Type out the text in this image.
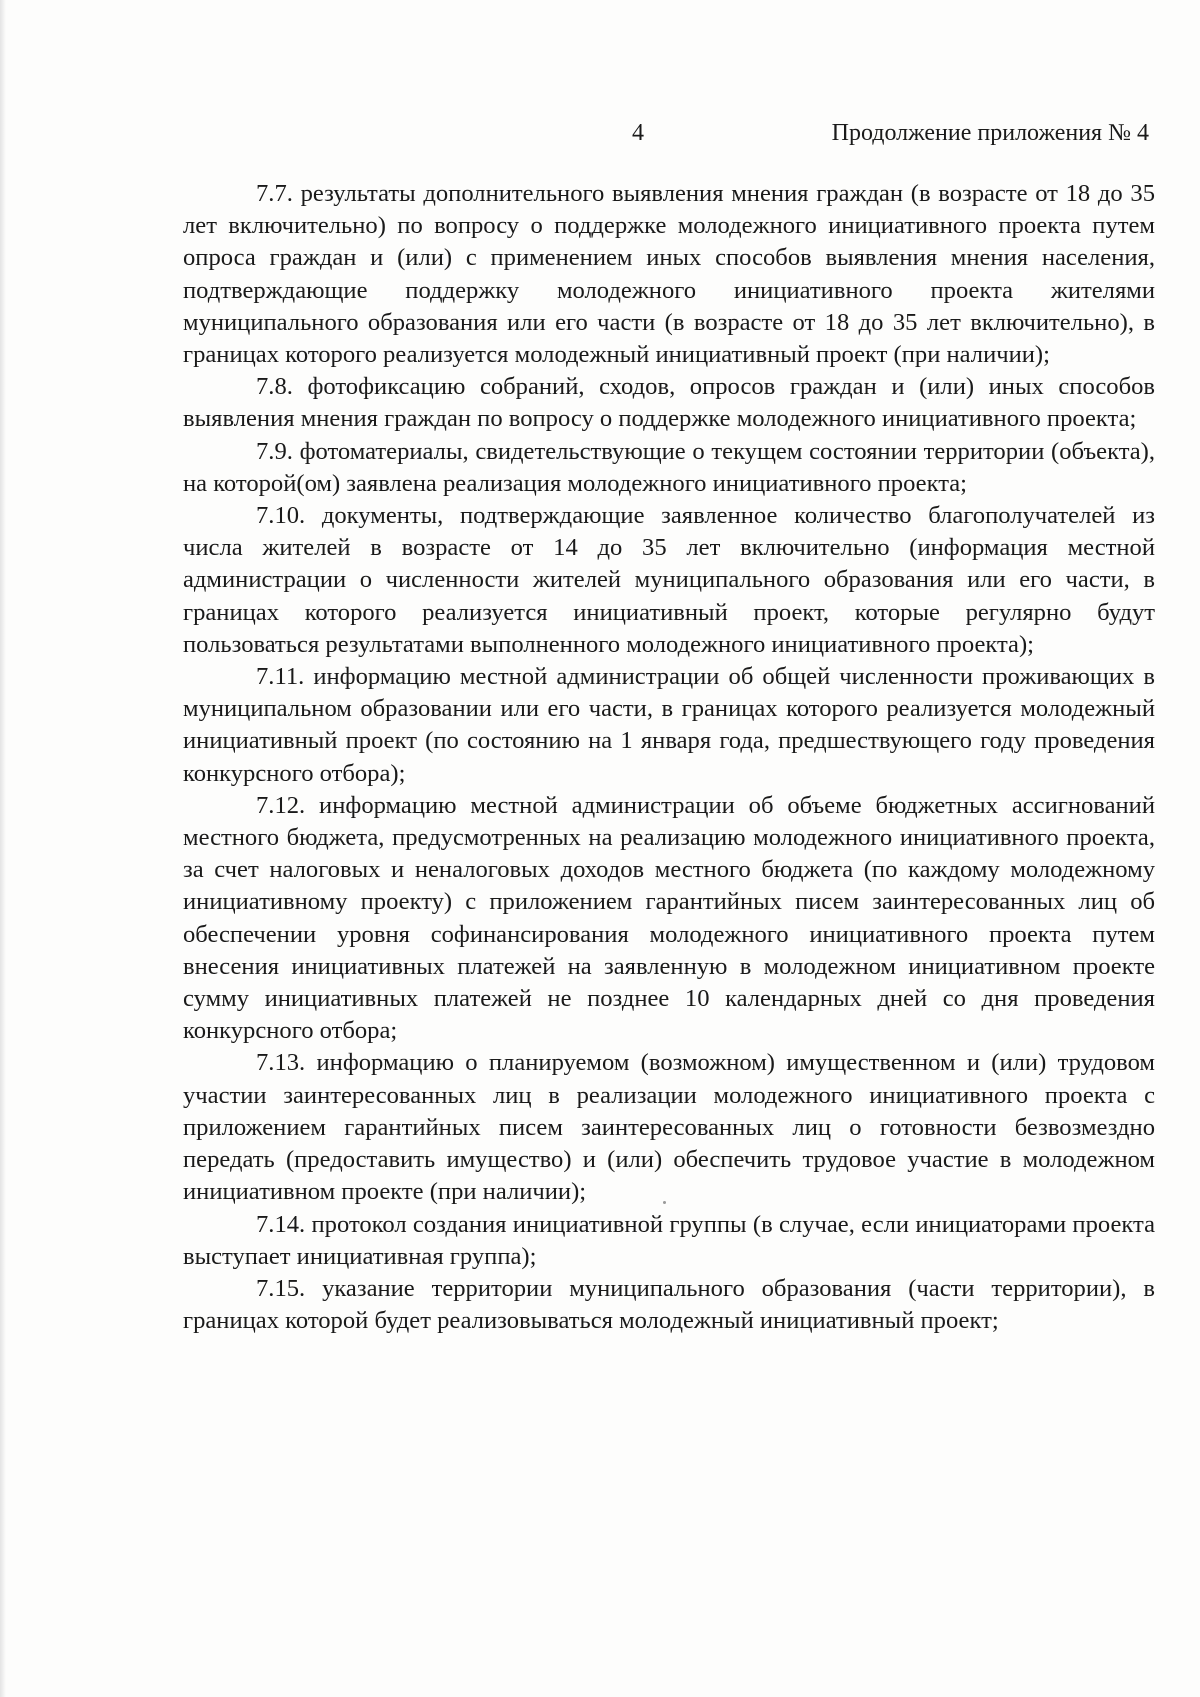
4	Продолжение приложения № 4

7.7. результаты дополнительного выявления мнения граждан (в возрасте от 18 до 35 лет включительно) по вопросу о поддержке молодежного инициативного проекта путем опроса граждан и (или) с применением иных способов выявления мнения населения, подтверждающие поддержку молодежного инициативного проекта жителями муниципального образования или его части (в возрасте от 18 до 35 лет включительно), в границах которого реализуется молодежный инициативный проект (при наличии);

7.8. фотофиксацию собраний, сходов, опросов граждан и (или) иных способов выявления мнения граждан по вопросу о поддержке молодежного инициативного проекта;

7.9. фотоматериалы, свидетельствующие о текущем состоянии территории (объекта), на которой(ом) заявлена реализация молодежного инициативного проекта;

7.10. документы, подтверждающие заявленное количество благополучателей из числа жителей в возрасте от 14 до 35 лет включительно (информация местной администрации о численности жителей муниципального образования или его части, в границах которого реализуется инициативный проект, которые регулярно будут пользоваться результатами выполненного молодежного инициативного проекта);

7.11. информацию местной администрации об общей численности проживающих в муниципальном образовании или его части, в границах которого реализуется молодежный инициативный проект (по состоянию на 1 января года, предшествующего году проведения конкурсного отбора);

7.12. информацию местной администрации об объеме бюджетных ассигнований местного бюджета, предусмотренных на реализацию молодежного инициативного проекта, за счет налоговых и неналоговых доходов местного бюджета (по каждому молодежному инициативному проекту) с приложением гарантийных писем заинтересованных лиц об обеспечении уровня софинансирования молодежного инициативного проекта путем внесения инициативных платежей на заявленную в молодежном инициативном проекте сумму инициативных платежей не позднее 10 календарных дней со дня проведения конкурсного отбора;

7.13. информацию о планируемом (возможном) имущественном и (или) трудовом участии заинтересованных лиц в реализации молодежного инициативного проекта с приложением гарантийных писем заинтересованных лиц о готовности безвозмездно передать (предоставить имущество) и (или) обеспечить трудовое участие в молодежном инициативном проекте (при наличии);

7.14. протокол создания инициативной группы (в случае, если инициаторами проекта выступает инициативная группа);

7.15. указание территории муниципального образования (части территории), в границах которой будет реализовываться молодежный инициативный проект;
